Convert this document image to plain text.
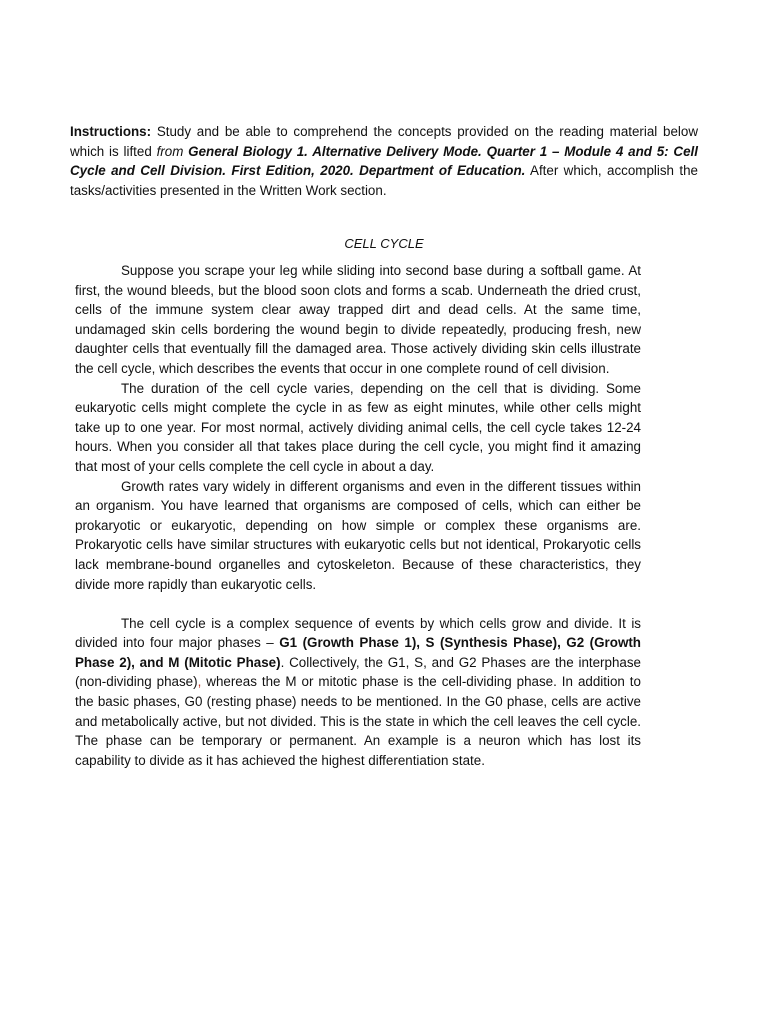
Instructions: Study and be able to comprehend the concepts provided on the reading material below which is lifted from General Biology 1. Alternative Delivery Mode. Quarter 1 – Module 4 and 5: Cell Cycle and Cell Division. First Edition, 2020. Department of Education. After which, accomplish the tasks/activities presented in the Written Work section.
CELL CYCLE

Suppose you scrape your leg while sliding into second base during a softball game. At first, the wound bleeds, but the blood soon clots and forms a scab. Underneath the dried crust, cells of the immune system clear away trapped dirt and dead cells. At the same time, undamaged skin cells bordering the wound begin to divide repeatedly, producing fresh, new daughter cells that eventually fill the damaged area. Those actively dividing skin cells illustrate the cell cycle, which describes the events that occur in one complete round of cell division.

The duration of the cell cycle varies, depending on the cell that is dividing. Some eukaryotic cells might complete the cycle in as few as eight minutes, while other cells might take up to one year. For most normal, actively dividing animal cells, the cell cycle takes 12-24 hours. When you consider all that takes place during the cell cycle, you might find it amazing that most of your cells complete the cell cycle in about a day.

Growth rates vary widely in different organisms and even in the different tissues within an organism. You have learned that organisms are composed of cells, which can either be prokaryotic or eukaryotic, depending on how simple or complex these organisms are. Prokaryotic cells have similar structures with eukaryotic cells but not identical, Prokaryotic cells lack membrane-bound organelles and cytoskeleton. Because of these characteristics, they divide more rapidly than eukaryotic cells.

The cell cycle is a complex sequence of events by which cells grow and divide. It is divided into four major phases – G1 (Growth Phase 1), S (Synthesis Phase), G2 (Growth Phase 2), and M (Mitotic Phase). Collectively, the G1, S, and G2 Phases are the interphase (non-dividing phase), whereas the M or mitotic phase is the cell-dividing phase. In addition to the basic phases, G0 (resting phase) needs to be mentioned. In the G0 phase, cells are active and metabolically active, but not divided. This is the state in which the cell leaves the cell cycle. The phase can be temporary or permanent. An example is a neuron which has lost its capability to divide as it has achieved the highest differentiation state.
